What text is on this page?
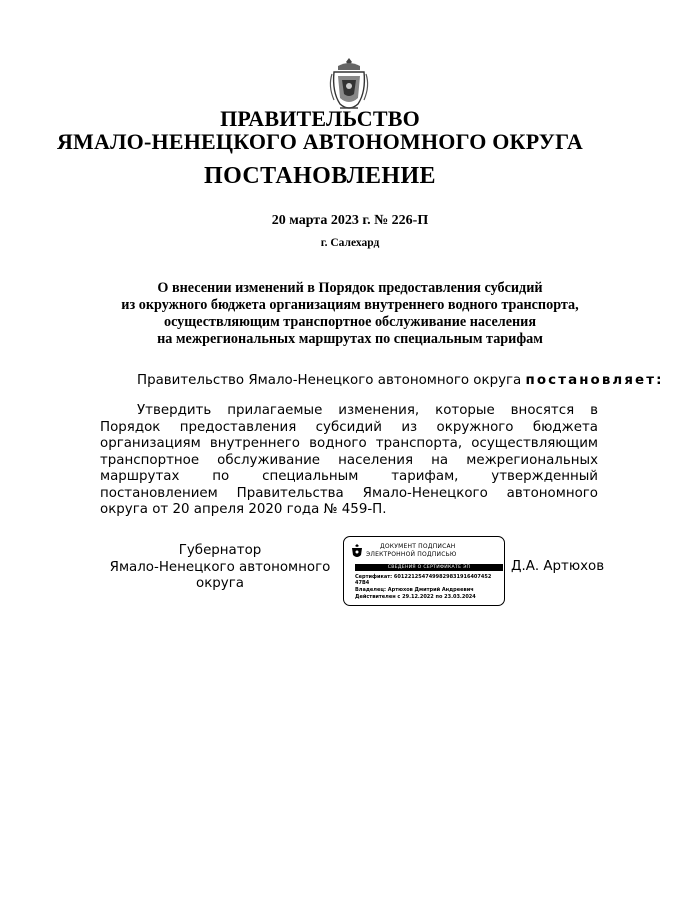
ПРАВИТЕЛЬСТВО
ЯМАЛО-НЕНЕЦКОГО АВТОНОМНОГО ОКРУГА
ПОСТАНОВЛЕНИЕ
20 марта 2023 г. № 226-П
г. Салехард
О внесении изменений в Порядок предоставления субсидий
из окружного бюджета организациям внутреннего водного транспорта,
осуществляющим транспортное обслуживание населения
на межрегиональных маршрутах по специальным тарифам
Правительство Ямало-Ненецкого автономного округа постановляет:
Утвердить прилагаемые изменения, которые вносятся в Порядок предоставления субсидий из окружного бюджета организациям внутреннего водного транспорта, осуществляющим транспортное обслуживание населения на межрегиональных маршрутах по специальным тарифам, утвержденный постановлением Правительства Ямало-Ненецкого автономного округа от 20 апреля 2020 года № 459-П.
Губернатор
Ямало-Ненецкого автономного округа
ДОКУМЕНТ ПОДПИСАН
ЭЛЕКТРОННОЙ ПОДПИСЬЮ
СВЕДЕНИЯ О СЕРТИФИКАТЕ ЭП
Сертификат: 6012212547499829831916407452
47B4
Владелец: Артюхов Дмитрий Андреевич
Действителен с 29.12.2022 по 23.03.2024
Д.А. Артюхов
